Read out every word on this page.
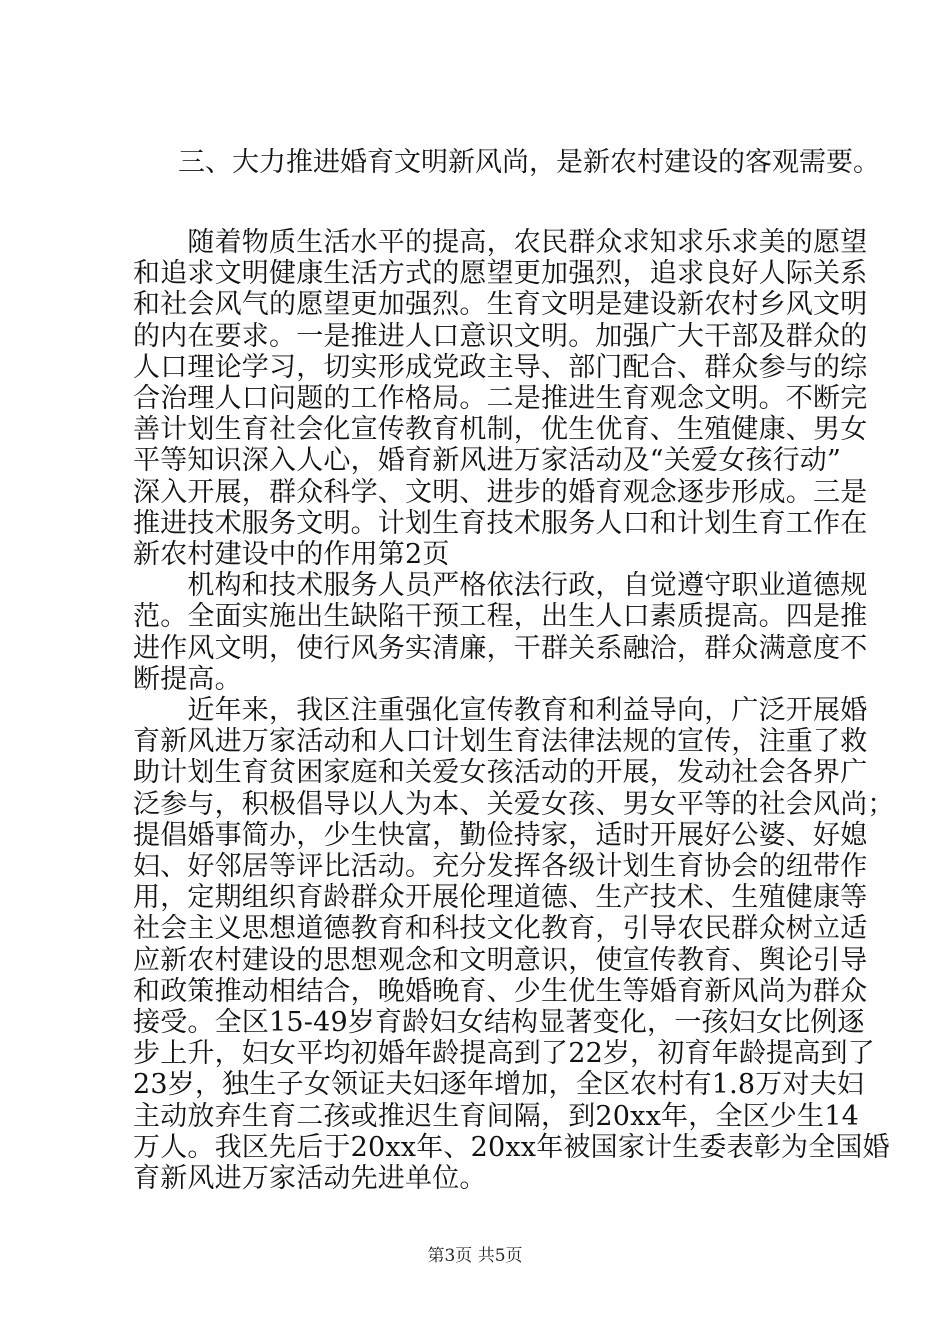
三、大力推进婚育文明新风尚，是新农村建设的客观需要。
　　随着物质生活水平的提高，农民群众求知求乐求美的愿望
和追求文明健康生活方式的愿望更加强烈，追求良好人际关系
和社会风气的愿望更加强烈。生育文明是建设新农村乡风文明
的内在要求。一是推进人口意识文明。加强广大干部及群众的
人口理论学习，切实形成党政主导、部门配合、群众参与的综
合治理人口问题的工作格局。二是推进生育观念文明。不断完
善计划生育社会化宣传教育机制，优生优育、生殖健康、男女
平等知识深入人心，婚育新风进万家活动及“关爱女孩行动”
深入开展，群众科学、文明、进步的婚育观念逐步形成。三是
推进技术服务文明。计划生育技术服务人口和计划生育工作在
新农村建设中的作用第2页
　　机构和技术服务人员严格依法行政，自觉遵守职业道德规
范。全面实施出生缺陷干预工程，出生人口素质提高。四是推
进作风文明，使行风务实清廉，干群关系融洽，群众满意度不
断提高。
　　近年来，我区注重强化宣传教育和利益导向，广泛开展婚
育新风进万家活动和人口计划生育法律法规的宣传，注重了救
助计划生育贫困家庭和关爱女孩活动的开展，发动社会各界广
泛参与，积极倡导以人为本、关爱女孩、男女平等的社会风尚；
提倡婚事简办，少生快富，勤俭持家，适时开展好公婆、好媳
妇、好邻居等评比活动。充分发挥各级计划生育协会的纽带作
用，定期组织育龄群众开展伦理道德、生产技术、生殖健康等
社会主义思想道德教育和科技文化教育，引导农民群众树立适
应新农村建设的思想观念和文明意识，使宣传教育、舆论引导
和政策推动相结合，晚婚晚育、少生优生等婚育新风尚为群众
接受。全区15-49岁育龄妇女结构显著变化，一孩妇女比例逐
步上升，妇女平均初婚年龄提高到了22岁，初育年龄提高到了
23岁，独生子女领证夫妇逐年增加，全区农村有1.8万对夫妇
主动放弃生育二孩或推迟生育间隔，到20xx年，全区少生14
万人。我区先后于20xx年、20xx年被国家计生委表彰为全国婚
第3页 共5页
育新风进万家活动先进单位。
